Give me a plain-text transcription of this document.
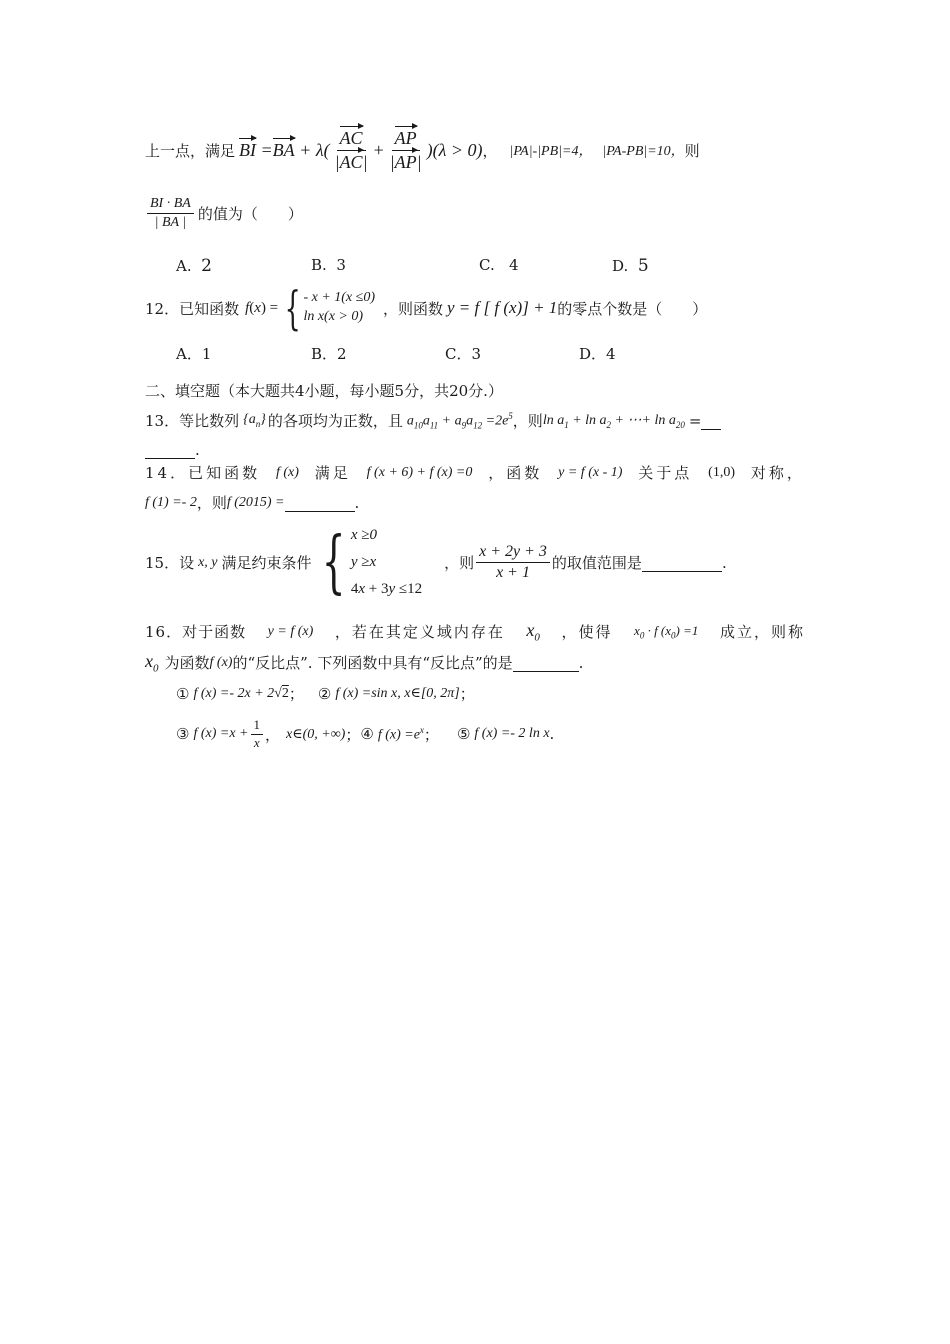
上一点，满足 BI = BA + $\lambda( \frac{AC}{|AC|} + \frac{AP}{|AP|} )(\lambda > 0)$ ， |PA|-|PB|=4， |PA-PB|=10， 则
$\frac{BI \cdot BA}{| BA |}$ 的值为（　　）
A. 2	B. 3	C. 4	D. 5
12．已知函数 f ( x ) = { - x + 1(x ≤0)
ln x(x > 0)	，则函数 y = f [ f (x)] + 1 的零点个数是（　　）
A．1	B．2	C．3	D．4
二、填空题（本大题共4小题，每小题5分，共20分.）
13．等比数列 $\{a_n\}$ 的各项均为正数，且 $a_{10}a_{11} + a_9a_{12} =2e^5$ ，则 $\ln a_1 + \ln a_2$ + ⋯+ $\ln a_{20}$ =

.
14．已知函数 f (x) 满足 f (x + 6) + f (x) =0 ，函数 y = f (x - 1) 关于点 (1,0) 对称，
f (1) =- 2 ，则 f (2015) =
	.
15．设 x, y 满足约束条件 { x ≥0
y ≥x
4x + 3y ≤12
，则 $\frac{x + 2y + 3}{x + 1}$ 的取值范围是
	.
16．对于函数 y = f (x) ，若在其定义域内存在 $x_0$ ，使得 $x_0 \cdot f$ $(x_0) =1$ 成立，则称
$x_0$ 为函数 f (x) 的“反比点”. 下列函数中具有“反比点”的是
	.
① f (x) =- 2x + 2√2 ； ② f (x) =sin x, x∈[0, 2π] ；
③ f $(x) =x + \frac{1}{x}$ ， x∈(0, +∞) ； ④ f $(x) =e^x$ ； ⑤ f (x) =- 2 ln x .
